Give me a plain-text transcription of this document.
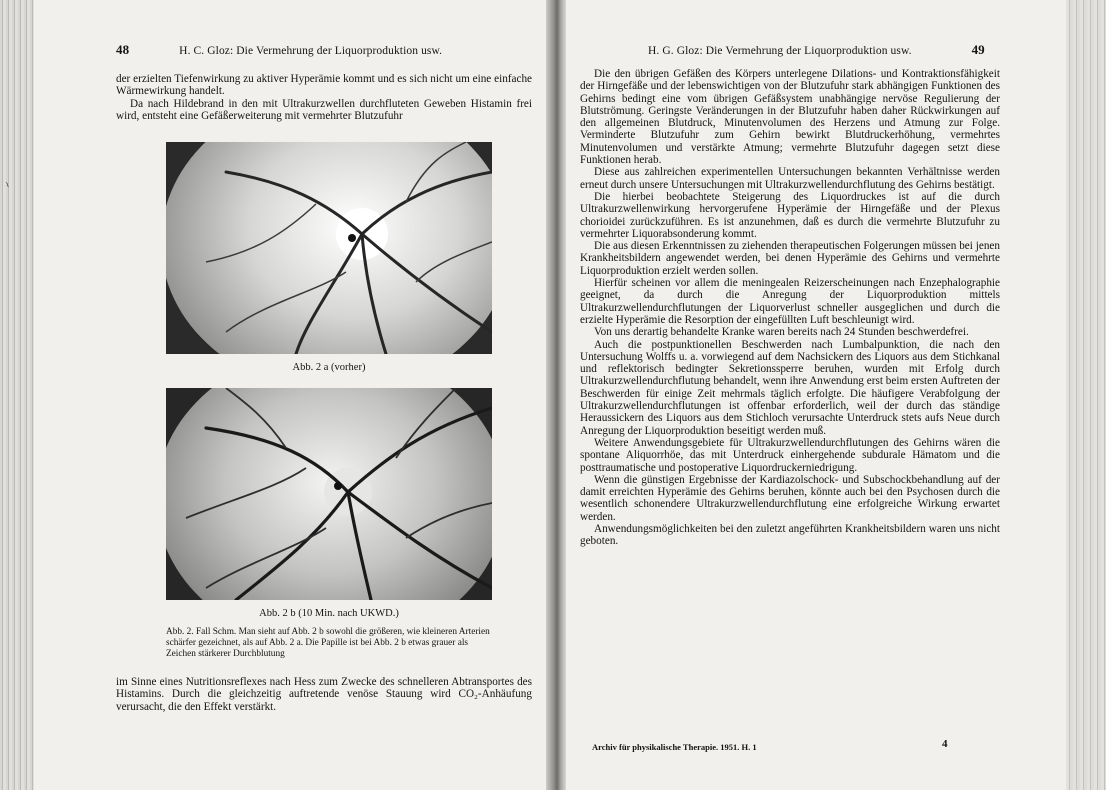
~
48	H. C. Gloz: Die Vermehrung der Liquorproduktion usw.

der erzielten Tiefenwirkung zu aktiver Hyperämie kommt und es sich nicht um eine einfache Wärmewirkung handelt.

Da nach Hildebrand in den mit Ultrakurzwellen durchfluteten Geweben Histamin frei wird, entsteht eine Gefäßerweiterung mit vermehrter Blutzufuhr

Abb. 2 a (vorher)
Abb. 2 b (10 Min. nach UKWD.)
Abb. 2. Fall Schm. Man sieht auf Abb. 2 b sowohl die größeren, wie kleineren Arterien schärfer gezeichnet, als auf Abb. 2 a. Die Papille ist bei Abb. 2 b etwas grauer als Zeichen stärkerer Durchblutung

im Sinne eines Nutritionsreflexes nach Hess zum Zwecke des schnelleren Abtransportes des Histamins. Durch die gleichzeitig auftretende venöse Stauung wird CO₂-Anhäufung verursacht, die den Effekt verstärkt.

H. G. Gloz: Die Vermehrung der Liquorproduktion usw.	49

Die den übrigen Gefäßen des Körpers unterlegene Dilations- und Kontraktionsfähigkeit der Hirngefäße und der lebenswichtigen von der Blutzufuhr stark abhängigen Funktionen des Gehirns bedingt eine vom übrigen Gefäßsystem unabhängige nervöse Regulierung der Blutströmung. Geringste Veränderungen in der Blutzufuhr haben daher Rückwirkungen auf den allgemeinen Blutdruck, Minutenvolumen des Herzens und Atmung zur Folge. Verminderte Blutzufuhr zum Gehirn bewirkt Blutdruckerhöhung, vermehrtes Minutenvolumen und verstärkte Atmung; vermehrte Blutzufuhr dagegen setzt diese Funktionen herab.

Diese aus zahlreichen experimentellen Untersuchungen bekannten Verhältnisse werden erneut durch unsere Untersuchungen mit Ultrakurzwellendurchflutung des Gehirns bestätigt.

Die hierbei beobachtete Steigerung des Liquordruckes ist auf die durch Ultrakurzwellenwirkung hervorgerufene Hyperämie der Hirngefäße und der Plexus chorioidei zurückzuführen. Es ist anzunehmen, daß es durch die vermehrte Blutzufuhr zu vermehrter Liquorabsonderung kommt.

Die aus diesen Erkenntnissen zu ziehenden therapeutischen Folgerungen müssen bei jenen Krankheitsbildern angewendet werden, bei denen Hyperämie des Gehirns und vermehrte Liquorproduktion erzielt werden sollen.

Hierfür scheinen vor allem die meningealen Reizerscheinungen nach Enzephalographie geeignet, da durch die Anregung der Liquorproduktion mittels Ultrakurzwellendurchflutungen der Liquorverlust schneller ausgeglichen und durch die erzielte Hyperämie die Resorption der eingefüllten Luft beschleunigt wird.

Von uns derartig behandelte Kranke waren bereits nach 24 Stunden beschwerdefrei.

Auch die postpunktionellen Beschwerden nach Lumbalpunktion, die nach den Untersuchung Wolffs u. a. vorwiegend auf dem Nachsickern des Liquors aus dem Stichkanal und reflektorisch bedingter Sekretionssperre beruhen, wurden mit Erfolg durch Ultrakurzwellendurchflutung behandelt, wenn ihre Anwendung erst beim ersten Auftreten der Beschwerden für einige Zeit mehrmals täglich erfolgte. Die häufigere Verabfolgung der Ultrakurzwellendurchflutungen ist offenbar erforderlich, weil der durch das ständige Heraussickern des Liquors aus dem Stichloch verursachte Unterdruck stets aufs Neue durch Anregung der Liquorproduktion beseitigt werden muß.

Weitere Anwendungsgebiete für Ultrakurzwellendurchflutungen des Gehirns wären die spontane Aliquorrhöe, das mit Unterdruck einhergehende subdurale Hämatom und die posttraumatische und postoperative Liquordruckerniedrigung.

Wenn die günstigen Ergebnisse der Kardiazolschock- und Subschockbehandlung auf der damit erreichten Hyperämie des Gehirns beruhen, könnte auch bei den Psychosen durch die wesentlich schonendere Ultrakurzwellendurchflutung eine erfolgreiche Wirkung erwartet werden.

Anwendungsmöglichkeiten bei den zuletzt angeführten Krankheitsbildern waren uns nicht geboten.

Archiv für physikalische Therapie. 1951. H. 1	4
